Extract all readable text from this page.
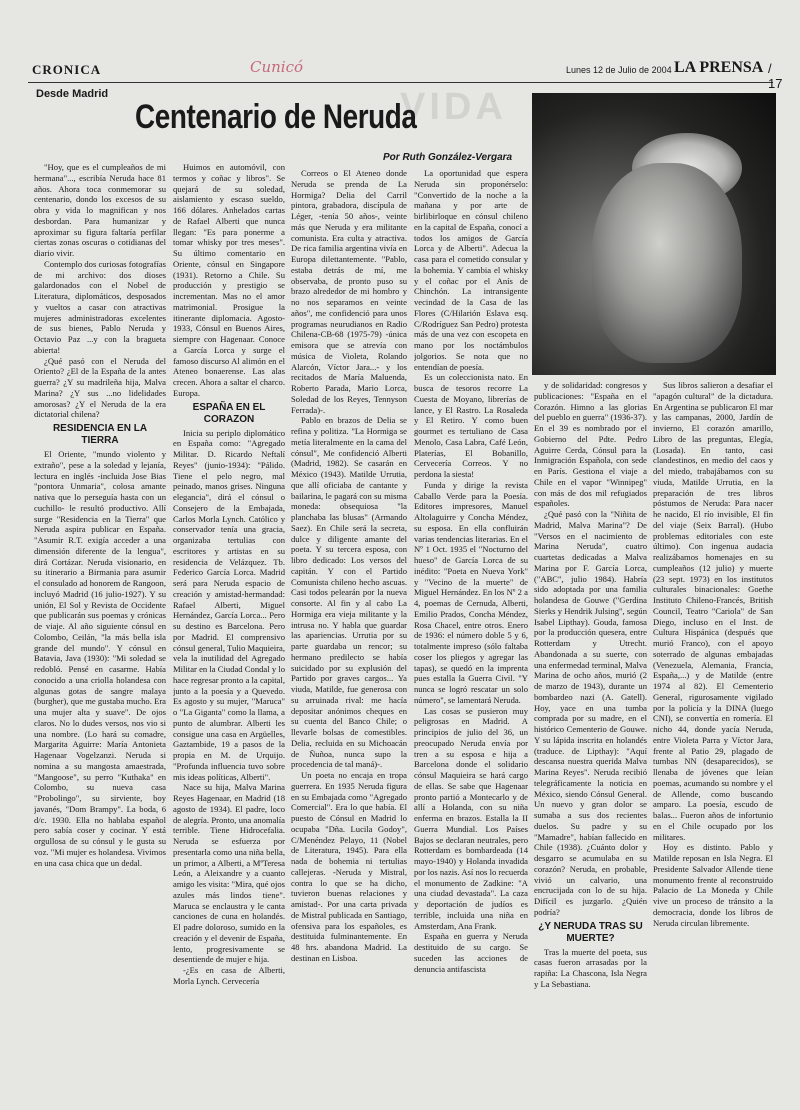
CRONICA	Cunicó	Lunes 12 de Julio de 2004 LA PRENSA / 17
Desde Madrid	VIDA
Centenario de Neruda
Por Ruth González-Vergara

"Hoy, que es el cumpleaños de mi hermana"..., escribía Neruda hace 81 años. Ahora toca conmemorar su centenario, dondo los excesos de su obra y vida lo magnifican y nos desbordan. Para humanizar y aproximar su figura faltaría perfilar ciertas zonas oscuras o cotidianas del diario vivir.

Contemplo dos curiosas fotografías de mi archivo: dos dioses galardonados con el Nobel de Literatura, diplomáticos, desposados y vueltos a casar con atractivas mujeres administradoras excelentes de sus bienes, Pablo Neruda y Octavio Paz ...y con la bragueta abierta!

¿Qué pasó con el Neruda del Oriento? ¿El de la España de la antes guerra? ¿Y su madrileña hija, Malva Marina? ¿Y sus ...no lidelidades amorosas? ¿Y el Neruda de la era dictatorial chilena?

RESIDENCIA EN LA TIERRA

El Oriente, "mundo violento y extraño", pese a la soledad y lejanía, lectura en inglés -incluida Jose Bias "pontora Unmaria", colosa amante nativa que lo perseguía hasta con un cuchillo- le resultó productivo. Allí surge "Residencia en la Tierra" que Neruda aspira publicar en España. "Asumir R.T. exigía acceder a una dimensión diferente de la lengua", dirá Cortázar. Neruda visionario, en su itinerario a Birmania para asumir el consulado ad honorem de Rangoon, incluyó Madrid (16 julio-1927). Y su unión, El Sol y Revista de Occidente que publicarán sus poemas y crónicas de viaje. Al año siguiente cónsul en Colombo, Ceilán, "la más bella isla grande del mundo". Y cónsul en Batavia, Java (1930): "Mi soledad se redobló. Pensé en casarme. Había conocido a una criolla holandesa con algunas gotas de sangre malaya (burgher), que me gustaba mucho. Era una mujer alta y suave". De ojos claros. No lo dudes versos, nos vio si una nombre. (Lo hará su comadre, Margarita Aguirre: María Antonieta Hagenaar Vogelzanzi. Neruda si nomina a su mangosta amaestrada, "Mangoose", su perro "Kuthaka" en Colombo, su nueva casa "Probolingo", su sirviente, boy javanés, "Dom Brampy". La boda, 6 d/c. 1930. Ella no hablaba español pero sabía coser y cocinar. Y está orgullosa de su cónsul y le gusta su voz. "Mi mujer es holandesa. Vivimos en una casa chica que un dedal.

Huimos en automóvil, con termos y coñac y libros". Se quejará de su soledad, aislamiento y escaso sueldo, 166 dólares. Anhelados cartas de Rafael Alberti que nunca llegan: "Es para ponerme a tomar whisky por tres meses". Su último comentario en Oriente, cónsul en Singapore (1931). Retorno a Chile. Su producción y prestigio se incrementan. Mas no el amor matrimonial. Prosigue la itinerante diplomacia. Agosto-1933, Cónsul en Buenos Aires, siempre con Hagenaar. Conoce a García Lorca y surge el famoso discurso Al alimón en el Ateneo bonaerense. Las alas crecen. Ahora a saltar el charco. Europa.

ESPAÑA EN EL CORAZON

Inicia su periplo diplomático en España como: "Agregado Militar. D. Ricardo Neftalí Reyes" (junio-1934): "Pálido. Tiene el pelo negro, mal peinado, manos grises. Ninguna elegancia", dirá el cónsul o Consejero de la Embajada, Carlos Morla Lynch. Católico y conservador tenía una gracia, organizaba tertulias con escritores y artistas en su residencia de Velázquez. Tb. Federico García Lorca. Madrid será para Neruda espacio de creación y amistad-hermandad: Rafael Alberti, Miguel Hernández, García Lorca... Pero su destino es Barcelona. Pero por Madrid. El comprensivo cónsul general, Tulio Maquieira, vela la inutilidad del Agregado Militar en la Ciudad Condal y lo hace regresar pronto a la capital, junto a la poesía y a Quevedo. Es agosto y su mujer, "Maruca" o "La Giganta" como la llama, a punto de alumbrar. Alberti les consigue una casa en Argüelles, Gaztambide, 19 a pasos de la propia en M. de Urquijo. "Profunda influencia tuvo sobre mis ideas políticas, Alberti".

Nace su hija, Malva Marina Reyes Hagenaar, en Madrid (18 agosto de 1934). El padre, loco de alegría. Pronto, una anomalía terrible. Tiene Hidrocefalia. Neruda se esfuerza por presentarla como una niña bella, un primor, a Alberti, a MªTeresa León, a Aleixandre y a cuanto amigo les visita: "Mira, qué ojos azules más lindos tiene". Maruca se enclaustra y le canta canciones de cuna en holandés. El padre doloroso, sumido en la creación y el devenir de España, lento, progresivamente se desentiende de mujer e hija.

-¿Es en casa de Alberti, Morla Lynch. Cervecería

Correos o El Ateneo donde Neruda se prenda de La Hormiga? Delia del Carril pintora, grabadora, discípula de Léger, -tenía 50 años-, veinte más que Neruda y era militante comunista. Era culta y atractiva. De rica familia argentina vivía en Europa dilettantemente. "Pablo, estaba detrás de mí, me observaba, de pronto puso su brazo alrededor de mi hombro y no nos separamos en veinte años", me confidenció para unos programas neurudianos en Radio Chilena-CB-68 (1975-79) -única emisora que se atrevía con música de Violeta, Rolando Alarcón, Víctor Jara...- y los recitados de María Maluenda, Roberto Parada, Mario Lorca, Soledad de los Reyes, Tennyson Ferrada)-.

Pablo en brazos de Delia se refina y politiza. "La Hormiga se metía literalmente en la cama del cónsul", Me confidenció Alberti (Madrid, 1982). Se casarán en México (1943). Matilde Urrutia, que allí oficiaba de cantante y bailarina, le pagará con su misma moneda: obsequiosa "la planchaba las blusas" (Armando Saez). En Chile será la secreta, dulce y diligente amante del poeta. Y su tercera esposa, con libro dedicado: Los versos del capitán. Y con el Partido Comunista chileno hecho ascuas. Casi todos pelearán por la nueva consorte. Al fin y al cabo La Hormiga era vieja militante y la intrusa no. Y habla que guardar las apariencias. Urrutia por su parte guardaba un rencor; su hermano predilecto se había suicidado por su explusión del Partido por graves cargos... Ya viuda, Matilde, fue generosa con su arruinada rival: me hacía depositar anónimos cheques en su cuenta del Banco Chile; o llevarle bolsas de comestibles. Delia, recluida en su Michoacán de Ñuñoa, nunca supo la procedencia de tal maná)-.

Un poeta no encaja en tropa guerrera. En 1935 Neruda figura en su Embajada como "Agregado Comercial". Era lo que había. El puesto de Cónsul en Madrid lo ocupaba "Dña. Lucila Godoy", C/Menéndez Pelayo, 11 (Nobel de Literatura, 1945). Para ella nada de bohemia ni tertulias callejeras. -Neruda y Mistral, contra lo que se ha dicho, tuvieron buenas relaciones y amistad-. Por una carta privada de Mistral publicada en Santiago, ofensiva para los españoles, es destituida fulminantemente. En 48 hrs. abandona Madrid. La destinan en Lisboa.

La oportunidad que espera Neruda sin proponérselo: "Convertido de la noche a la mañana y por arte de birlibirloque en cónsul chileno en la capital de España, conocí a todos los amigos de García Lorca y de Alberti". Adecua la casa para el cometido consular y la bohemia. Y cambia el whisky y el coñac por el Anís de Chinchón. La intransigente vecindad de la Casa de las Flores (C/Hilarión Eslava esq. C/Rodríguez San Pedro) protesta más de una vez con escopeta en mano por los noctámbulos jolgorios. Se nota que no entendían de poesía.

Es un coleccionista nato. En busca de tesoros recorre La Cuesta de Moyano, librerías de lance, y El Rastro. La Rosaleda y El Retiro. Y como buen gourmet es tertuliano de Casa Menolo, Casa Labra, Café León, Platerías, El Bobanillo, Cervecería Correos. Y no perdona la siesta!

Funda y dirige la revista Caballo Verde para la Poesía. Editores impresores, Manuel Altolaguirre y Concha Méndez, su esposa. En ella confluirán varias tendencias literarias. En el Nº 1 Oct. 1935 el "Nocturno del hueso" de García Lorca de su inédito: "Poeta en Nueva York" y "Vecino de la muerte" de Miguel Hernández. En los Nº 2 a 4, poemas de Cernuda, Alberti, Emilio Prados, Concha Méndez, Rosa Chacel, entre otros. Enero de 1936: el número doble 5 y 6, totalmente impreso (sólo faltaba coser los pliegos y agregar las tapas), se quedó en la imprenta pues estalla la Guerra Civil. "Y nunca se logró rescatar un solo número", se lamentará Neruda.

Las cosas se pusieron muy peligrosas en Madrid. A principios de julio del 36, un preocupado Neruda envía por tren a su esposa e hija a Barcelona donde el solidario cónsul Maquieira se hará cargo de ellas. Se sabe que Hagenaar pronto partió a Montecarlo y de allí a Holanda, con su niña enferma en brazos. Estalla la II Guerra Mundial. Los Países Bajos se declaran neutrales, pero Rotterdam es bombardeada (14 mayo-1940) y Holanda invadida por los nazis. Así nos lo recuerda el monumento de Zadkine: "A una ciudad devastada". La caza y deportación de judíos es terrible, incluida una niña en Amsterdam, Ana Frank.

España en guerra y Neruda destituido de su cargo. Se suceden las acciones de denuncia antifascista

y de solidaridad: congresos y publicaciones: "España en el Corazón. Himno a las glorias del pueblo en guerra" (1936-37). En el 39 es nombrado por el Gobierno del Pdte. Pedro Aguirre Cerda, Cónsul para la Inmigración Española, con sede en París. Gestiona el viaje a Chile en el vapor "Winnipeg" con más de dos mil refugiados españoles.

¿Qué pasó con la "Niñita de Madrid, Malva Marina"? De "Versos en el nacimiento de Marina Neruda", cuatro cuartetas dedicadas a Malva Marina por F. García Lorca, ("ABC", julio 1984). Habría sido adoptada por una familia holandesa de Gouwe ("Gerdina Sierks y Hendrik Julsing", según Isabel Lipthay). Gouda, famosa por la producción quesera, entre Rotterdam y Utrecht. Abandonada a su suerte, con una enfermedad terminal, Malva Marina de ocho años, murió (2 de marzo de 1943), durante un bombardeo nazi (A. Gatell). Hoy, yace en una tumba comprada por su madre, en el histórico Cementerio de Gouwe. Y su lápida inscrita en holandés (traduce. de Lipthay): "Aquí descansa nuestra querida Malva Marina Reyes". Neruda recibió telegráficamente la noticia en México, siendo Cónsul General. Un nuevo y gran dolor se sumaba a sus dos recientes duelos. Su padre y su "Mamadre", habían fallecido en Chile (1938). ¿Cuánto dolor y desgarro se acumulaba en su corazón? Neruda, en probable, vivió un calvario, una encrucijada con lo de su hija. Difícil es juzgarlo. ¿Quién podría?

¿Y NERUDA TRAS SU MUERTE?

Tras la muerte del poeta, sus casas fueron arrasadas por la rapiña: La Chascona, Isla Negra y La Sebastiana.

Sus libros salieron a desafiar el "apagón cultural" de la dictadura. En Argentina se publicaron El mar y las campanas, 2000, Jardín de invierno, El corazón amarillo, Libro de las preguntas, Elegía, (Losada). En tanto, casi clandestinos, en medio del caos y del miedo, trabajábamos con su viuda, Matilde Urrutia, en la preparación de tres libros póstumos de Neruda: Para nacer he nacido, El río invisible, El fin del viaje (Seix Barral). (Hubo problemas editoriales con este último). Con ingenua audacia realizábamos homenajes en su cumpleaños (12 julio) y muerte (23 sept. 1973) en los institutos culturales binacionales: Goethe Instituto Chileno-Francés, British Council, Teatro "Cariola" de San Diego, incluso en el Inst. de Cultura Hispánica (después que murió Franco), con el apoyo soterrado de algunas embajadas (Venezuela, Alemania, Francia, España,...) y de Matilde (entre 1974 al 82). El Cementerio General, rigurosamente vigilado por la policía y la DINA (luego CNI), se convertía en romería. El nicho 44, donde yacía Neruda, entre Violeta Parra y Víctor Jara, frente al Patio 29, plagado de tumbas NN (desaparecidos), se llenaba de jóvenes que leían poemas, acumando su nombre y el de Allende, como buscando amparo. La poesía, escudo de balas... Fueron años de infortunio en el Chile ocupado por los militares.

Hoy es distinto. Pablo y Matilde reposan en Isla Negra. El Presidente Salvador Allende tiene monumento frente al reconstruido Palacio de La Moneda y Chile vive un proceso de tránsito a la democracia, donde los libros de Neruda circulan libremente.
